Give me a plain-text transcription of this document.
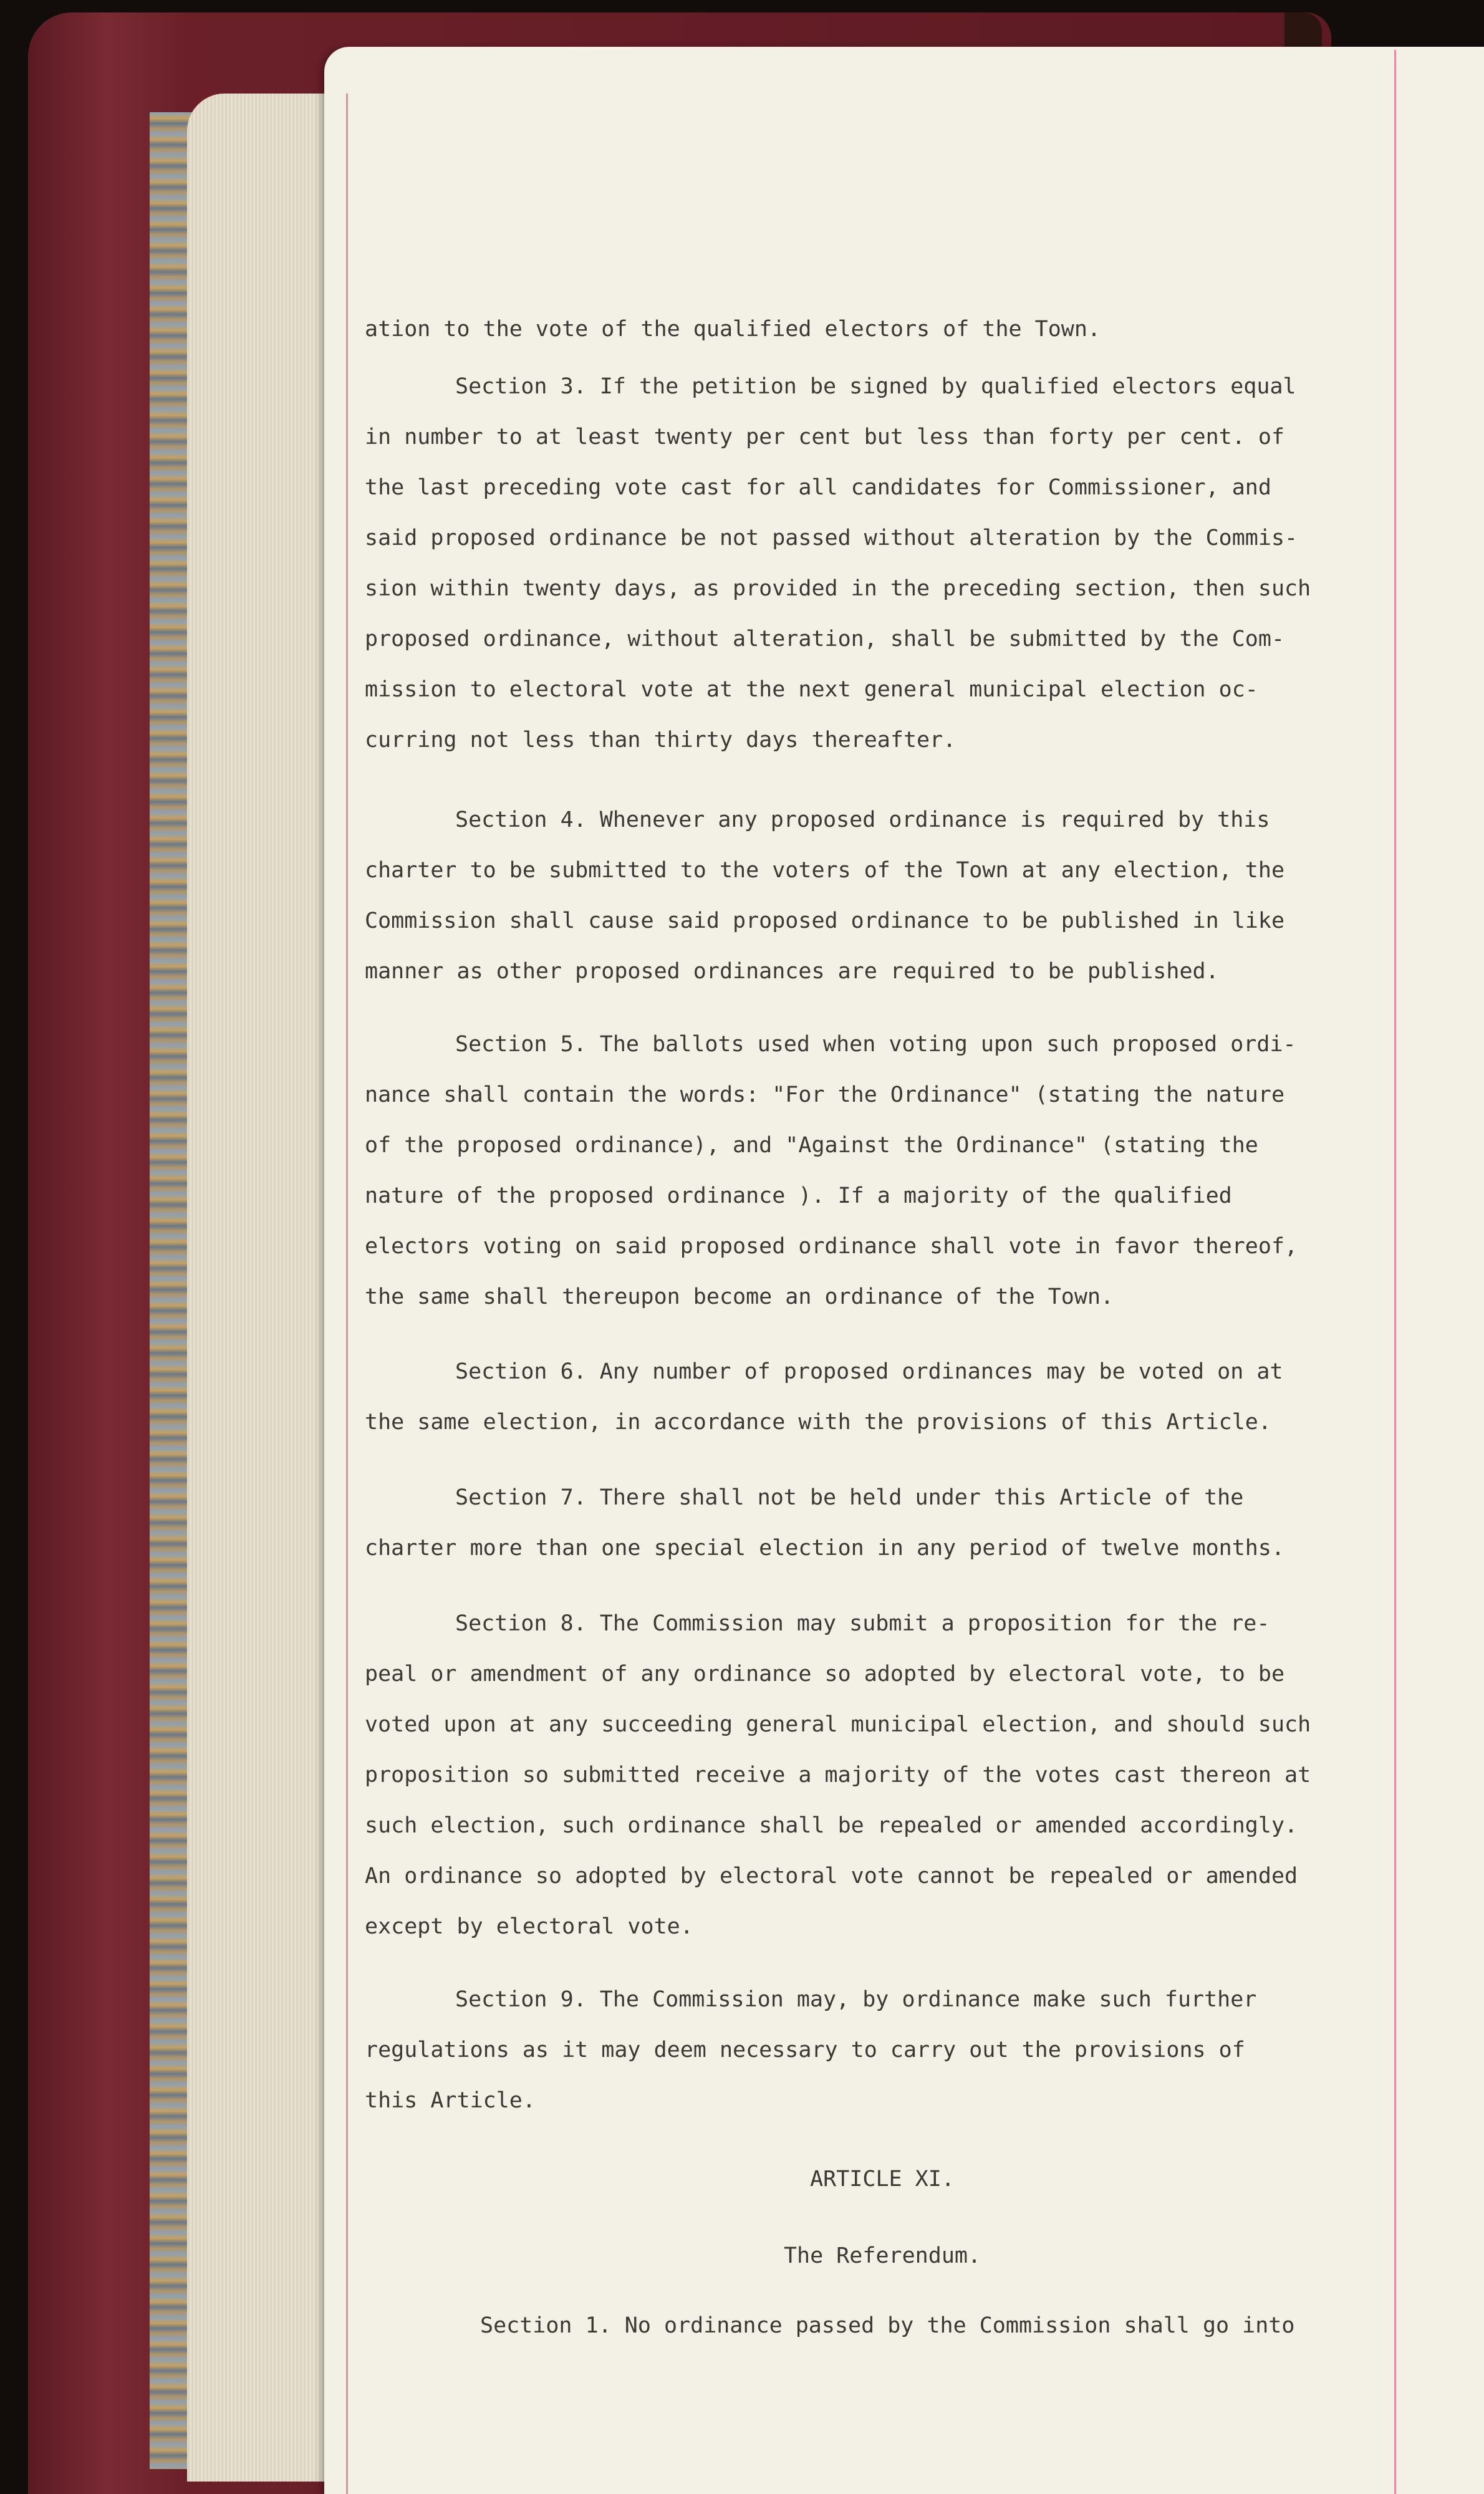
ation to the vote of the qualified electors of the Town.
Section 3. If the petition be signed by qualified electors equal
in number to at least twenty per cent but less than forty per cent. of
the last preceding vote cast for all candidates for Commissioner, and
said proposed ordinance be not passed without alteration by the Commis-
sion within twenty days, as provided in the preceding section, then such
proposed ordinance, without alteration, shall be submitted by the Com-
mission to electoral vote at the next general municipal election oc-
curring not less than thirty days thereafter.
Section 4. Whenever any proposed ordinance is required by this
charter to be submitted to the voters of the Town at any election, the
Commission shall cause said proposed ordinance to be published in like
manner as other proposed ordinances are required to be published.
Section 5. The ballots used when voting upon such proposed ordi-
nance shall contain the words: "For the Ordinance" (stating the nature
of the proposed ordinance), and "Against the Ordinance" (stating the
nature of the proposed ordinance ). If a majority of the qualified
electors voting on said proposed ordinance shall vote in favor thereof,
the same shall thereupon become an ordinance of the Town.
Section 6. Any number of proposed ordinances may be voted on at
the same election, in accordance with the provisions of this Article.
Section 7. There shall not be held under this Article of the
charter more than one special election in any period of twelve months.
Section 8. The Commission may submit a proposition for the re-
peal or amendment of any ordinance so adopted by electoral vote, to be
voted upon at any succeeding general municipal election, and should such
proposition so submitted receive a majority of the votes cast thereon at
such election, such ordinance shall be repealed or amended accordingly.
An ordinance so adopted by electoral vote cannot be repealed or amended
except by electoral vote.
Section 9. The Commission may, by ordinance make such further
regulations as it may deem necessary to carry out the provisions of
this Article.
ARTICLE XI.
The Referendum.
Section 1. No ordinance passed by the Commission shall go into
